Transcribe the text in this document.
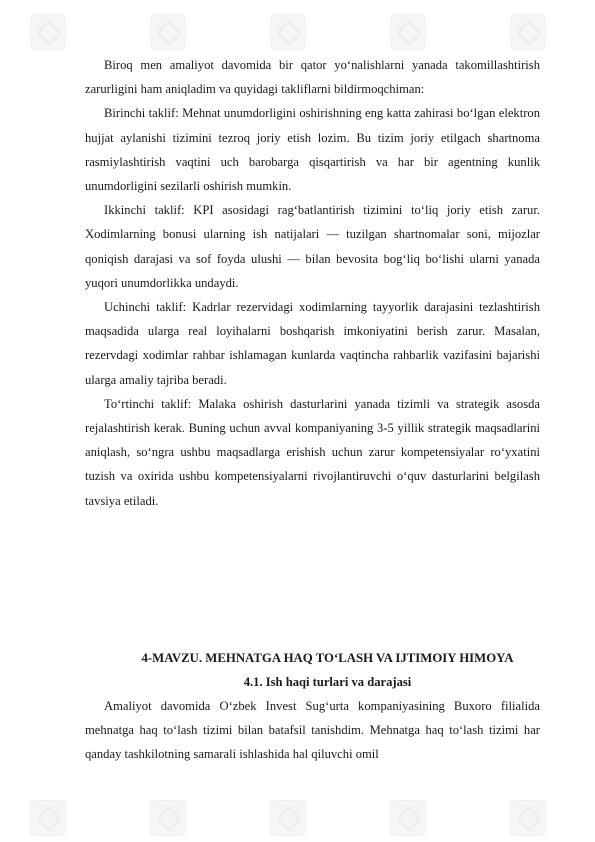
Biroq men amaliyot davomida bir qator yo‘nalishlarni yanada takomillashtirish zarurligini ham aniqladim va quyidagi takliflarni bildirmoqchiman:

Birinchi taklif: Mehnat unumdorligini oshirishning eng katta zahirasi bo‘lgan elektron hujjat aylanishi tizimini tezroq joriy etish lozim. Bu tizim joriy etilgach shartnoma rasmiylashtirish vaqtini uch barobarga qisqartirish va har bir agentning kunlik unumdorligini sezilarli oshirish mumkin.

Ikkinchi taklif: KPI asosidagi rag‘batlantirish tizimini to‘liq joriy etish zarur. Xodimlarning bonusi ularning ish natijalari — tuzilgan shartnomalar soni, mijozlar qoniqish darajasi va sof foyda ulushi — bilan bevosita bog‘liq bo‘lishi ularni yanada yuqori unumdorlikka undaydi.

Uchinchi taklif: Kadrlar rezervidagi xodimlarning tayyorlik darajasini tezlashtirish maqsadida ularga real loyihalarni boshqarish imkoniyatini berish zarur. Masalan, rezervdagi xodimlar rahbar ishlamagan kunlarda vaqtincha rahbarlik vazifasini bajarishi ularga amaliy tajriba beradi.

To‘rtinchi taklif: Malaka oshirish dasturlarini yanada tizimli va strategik asosda rejalashtirish kerak. Buning uchun avval kompaniyaning 3-5 yillik strategik maqsadlarini aniqlash, so‘ngra ushbu maqsadlarga erishish uchun zarur kompetensiyalar ro‘yxatini tuzish va oxirida ushbu kompetensiyalarni rivojlantiruvchi o‘quv dasturlarini belgilash tavsiya etiladi.

4-MAVZU. MEHNATGA HAQ TO‘LASH VA IJTIMOIY HIMOYA
4.1. Ish haqi turlari va darajasi

Amaliyot davomida O‘zbek Invest Sug‘urta kompaniyasining Buxoro filialida mehnatga haq to‘lash tizimi bilan batafsil tanishdim. Mehnatga haq to‘lash tizimi har qanday tashkilotning samarali ishlashida hal qiluvchi omil
